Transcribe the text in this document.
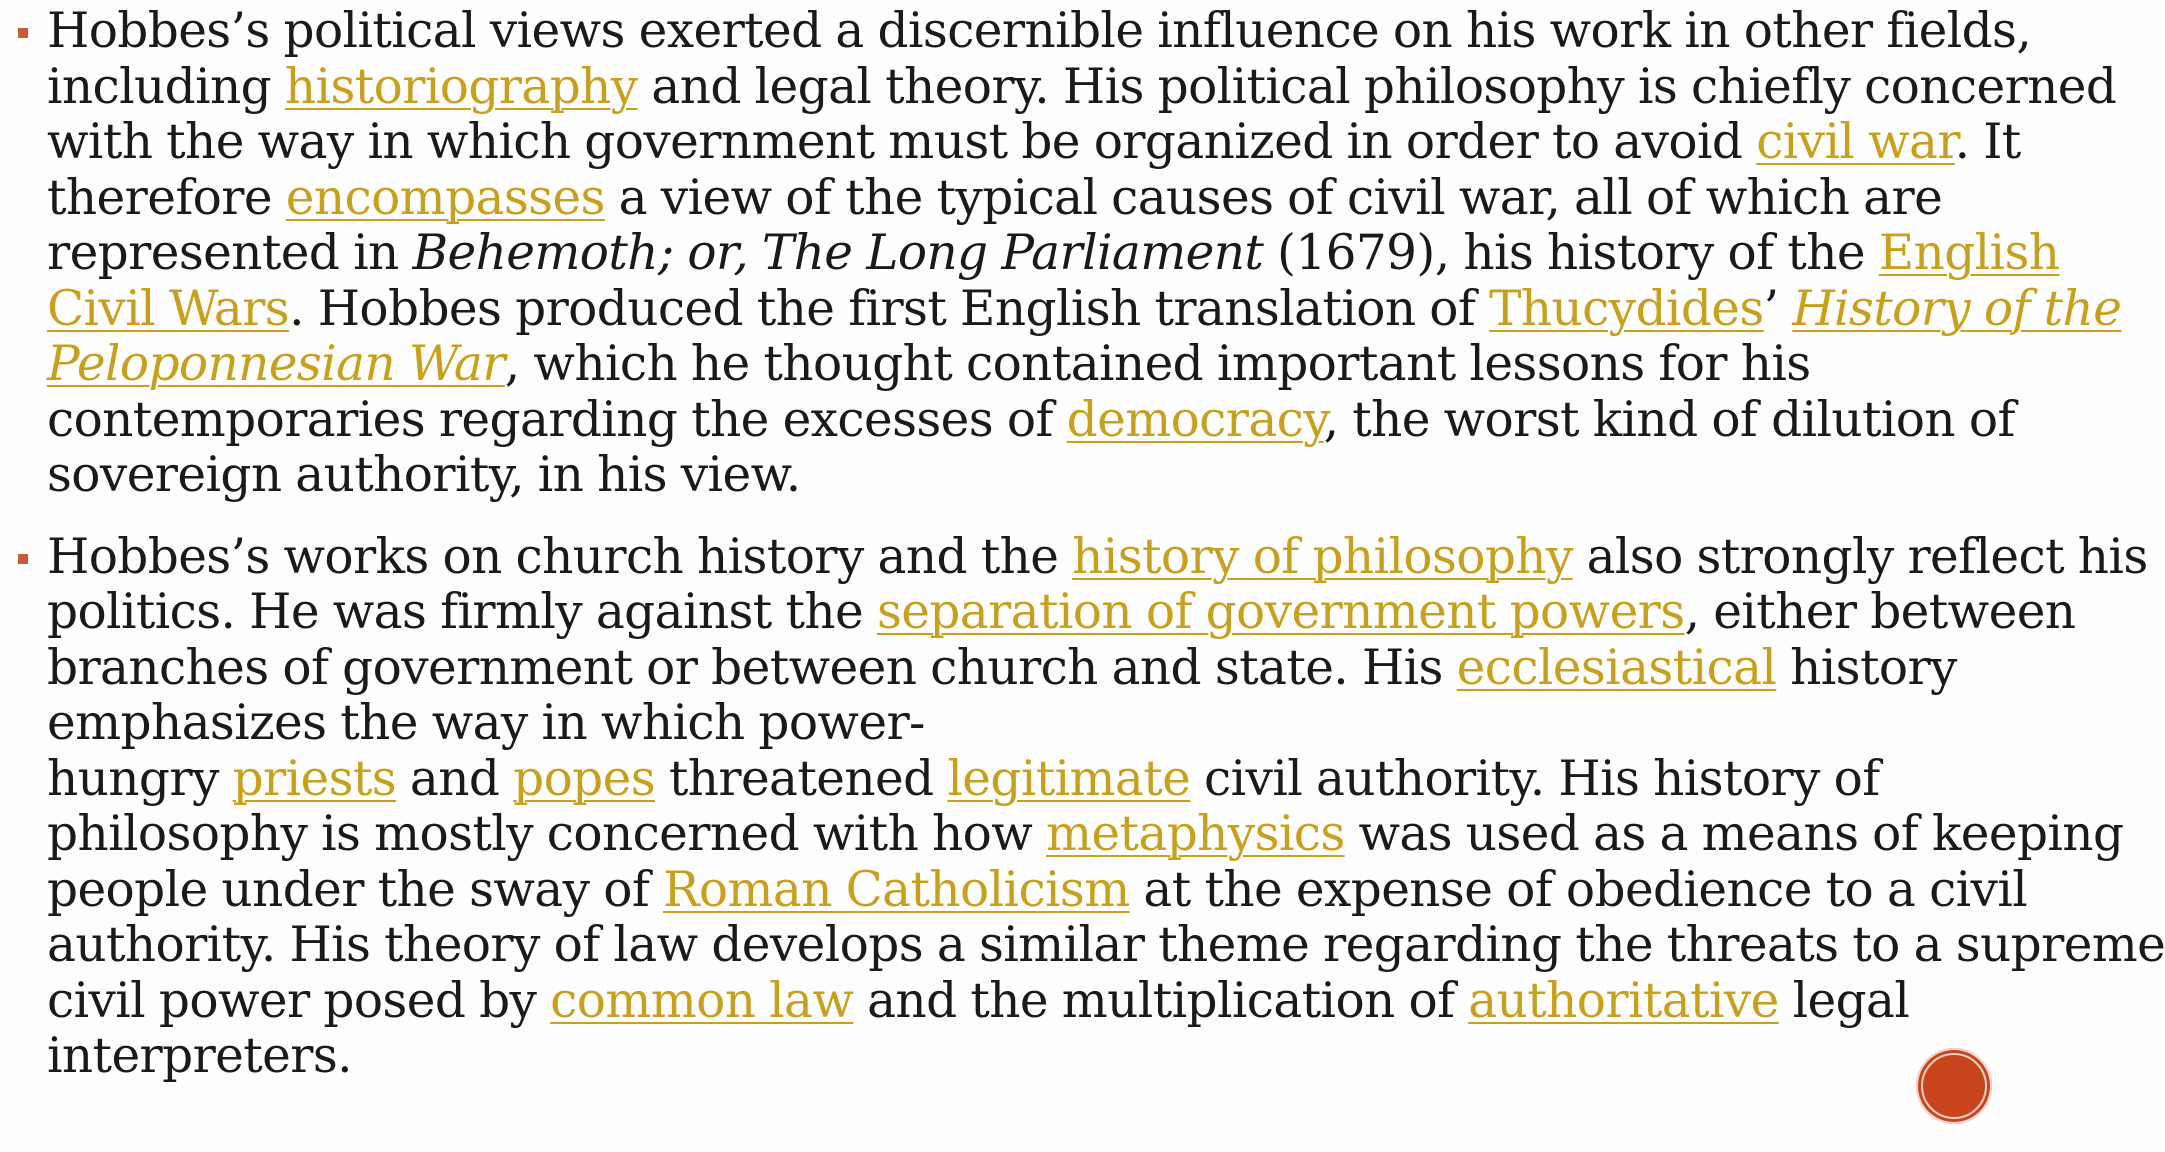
Hobbes’s political views exerted a discernible influence on his work in other fields,
including historiography and legal theory. His political philosophy is chiefly concerned
with the way in which government must be organized in order to avoid civil war. It
therefore encompasses a view of the typical causes of civil war, all of which are
represented in Behemoth; or, The Long Parliament (1679), his history of the English
Civil Wars. Hobbes produced the first English translation of Thucydides’ History of the
Peloponnesian War, which he thought contained important lessons for his
contemporaries regarding the excesses of democracy, the worst kind of dilution of
sovereign authority, in his view.
Hobbes’s works on church history and the history of philosophy also strongly reflect his
politics. He was firmly against the separation of government powers, either between
branches of government or between church and state. His ecclesiastical history
emphasizes the way in which power-
hungry priests and popes threatened legitimate civil authority. His history of
philosophy is mostly concerned with how metaphysics was used as a means of keeping
people under the sway of Roman Catholicism at the expense of obedience to a civil
authority. His theory of law develops a similar theme regarding the threats to a supreme
civil power posed by common law and the multiplication of authoritative legal
interpreters.
